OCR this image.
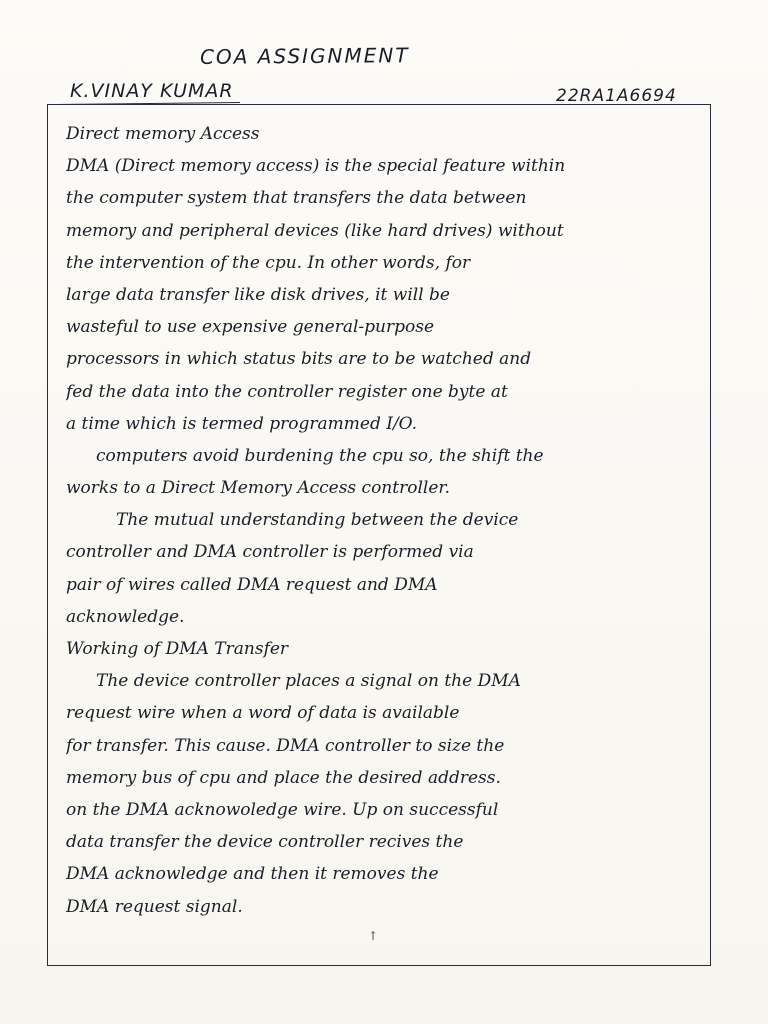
COA ASSIGNMENT
K.VINAY KUMAR	22RA1A6694
Direct memory Access
DMA (Direct memory access) is the special feature within
the computer system that transfers the data between
memory and peripheral devices (like hard drives) without
the intervention of the cpu. In other words, for
large data transfer like disk drives, it will be
wasteful to use expensive general-purpose
processors in which status bits are to be watched and
fed the data into the controller register one byte at
a time which is termed programmed I/O.
computers avoid burdening the cpu so, the shift the
works to a Direct Memory Access controller.
The mutual understanding between the device
controller and DMA controller is performed via
pair of wires called DMA request and DMA
acknowledge.
Working of DMA Transfer
The device controller places a signal on the DMA
request wire when a word of data is available
for transfer. This cause. DMA controller to size the
memory bus of cpu and place the desired address.
on the DMA acknowoledge wire. Up on successful
data transfer the device controller recives the
DMA acknowledge and then it removes the
DMA request signal.
↑
